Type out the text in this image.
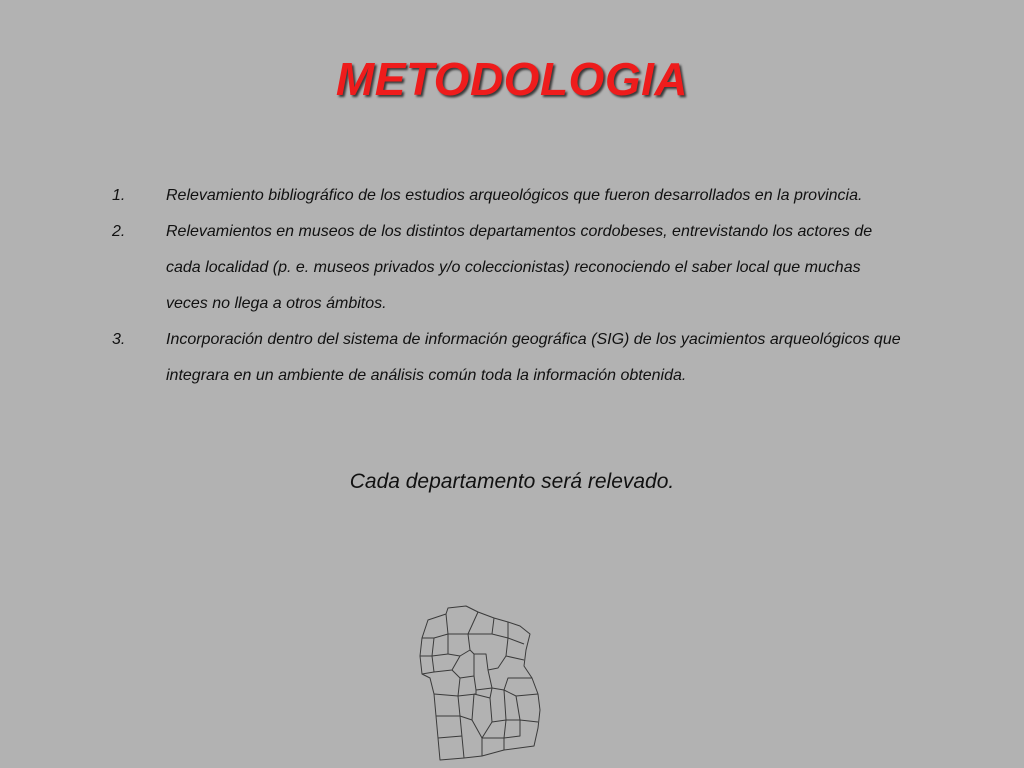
METODOLOGIA
1.	Relevamiento bibliográfico de los estudios arqueológicos que fueron desarrollados en la provincia.
2.	Relevamientos en museos de los distintos departamentos cordobeses, entrevistando los actores de cada localidad (p. e. museos privados y/o coleccionistas) reconociendo el saber local que muchas veces no llega a otros ámbitos.
3.	Incorporación dentro del sistema de información geográfica (SIG) de los yacimientos arqueológicos que integrara en un ambiente de análisis común toda la información obtenida.
Cada departamento será relevado.
